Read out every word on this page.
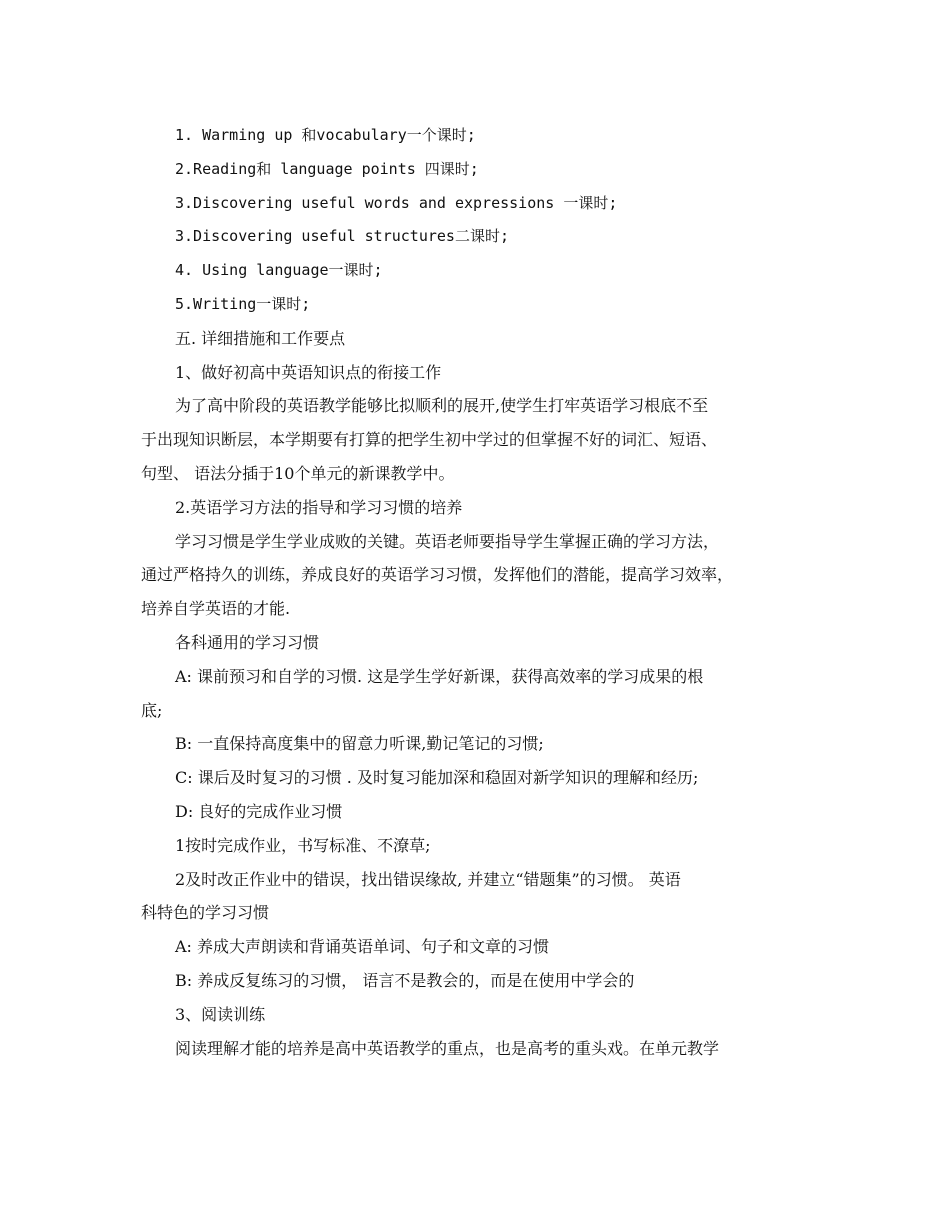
1. Warming up 和vocabulary一个课时;
2.Reading和 language points 四课时;
3.Discovering useful words and expressions 一课时;
3.Discovering useful structures二课时;
4. Using language一课时;
5.Writing一课时;
五. 详细措施和工作要点
1、做好初高中英语知识点的衔接工作
为了高中阶段的英语教学能够比拟顺利的展开,使学生打牢英语学习根底不至
于出现知识断层，本学期要有打算的把学生初中学过的但掌握不好的词汇、短语、
句型、 语法分插于10个单元的新课教学中。
2.英语学习方法的指导和学习习惯的培养
学习习惯是学生学业成败的关键。英语老师要指导学生掌握正确的学习方法，
通过严格持久的训练，养成良好的英语学习习惯，发挥他们的潜能，提高学习效率，
培养自学英语的才能.
各科通用的学习习惯
A: 课前预习和自学的习惯. 这是学生学好新课，获得高效率的学习成果的根
底;
B: 一直保持高度集中的留意力听课,勤记笔记的习惯;
C: 课后及时复习的习惯 . 及时复习能加深和稳固对新学知识的理解和经历;
D: 良好的完成作业习惯
1按时完成作业，书写标准、不潦草;
2及时改正作业中的错误，找出错误缘故, 并建立“错题集”的习惯。 英语
科特色的学习习惯
A: 养成大声朗读和背诵英语单词、句子和文章的习惯
B: 养成反复练习的习惯， 语言不是教会的，而是在使用中学会的
3、阅读训练
阅读理解才能的培养是高中英语教学的重点，也是高考的重头戏。在单元教学
